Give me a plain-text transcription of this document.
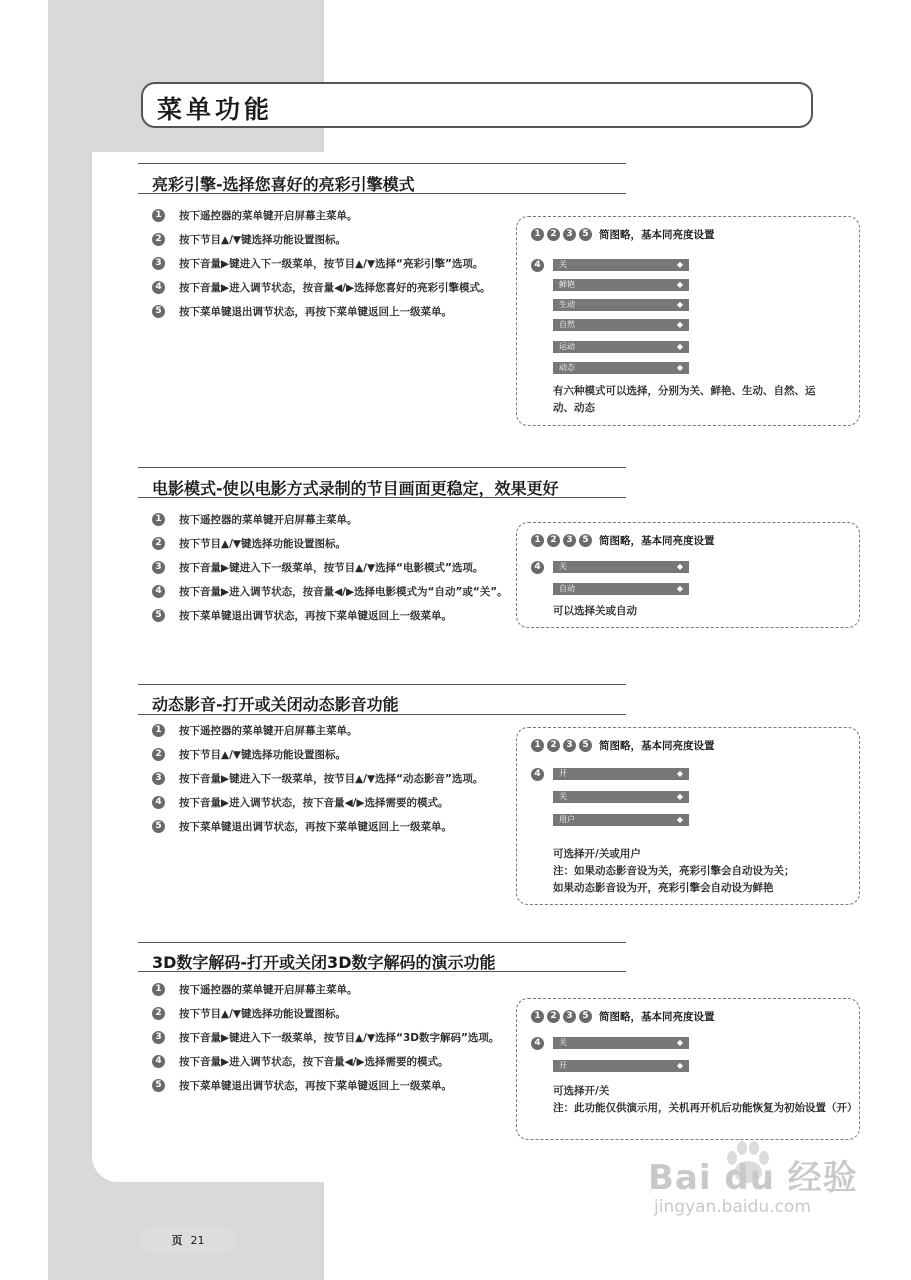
菜单功能
亮彩引擎-选择您喜好的亮彩引擎模式
1	按下遥控器的菜单键开启屏幕主菜单。
2	按下节目▲/▼键选择功能设置图标。
3	按下音量▶键进入下一级菜单，按节目▲/▼选择“亮彩引擎”选项。
4	按下音量▶进入调节状态，按音量◀/▶选择您喜好的亮彩引擎模式。
5	按下菜单键退出调节状态，再按下菜单键返回上一级菜单。
1	2	3	5 简图略，基本同亮度设置
4	关	◆
鲜艳	◆
生动	◆
自然	◆
运动	◆
动态	◆
有六种模式可以选择，分别为关、鲜艳、生动、自然、运动、动态
电影模式-使以电影方式录制的节目画面更稳定，效果更好
1	按下遥控器的菜单键开启屏幕主菜单。
2	按下节目▲/▼键选择功能设置图标。
3	按下音量▶键进入下一级菜单，按节目▲/▼选择“电影模式”选项。
4	按下音量▶进入调节状态，按音量◀/▶选择电影模式为“自动”或“关”。
5	按下菜单键退出调节状态，再按下菜单键返回上一级菜单。
1	2	3	5 简图略，基本同亮度设置
4	关	◆
自动	◆
可以选择关或自动
动态影音-打开或关闭动态影音功能
1	按下遥控器的菜单键开启屏幕主菜单。
2	按下节目▲/▼键选择功能设置图标。
3	按下音量▶键进入下一级菜单，按节目▲/▼选择“动态影音”选项。
4	按下音量▶进入调节状态，按下音量◀/▶选择需要的模式。
5	按下菜单键退出调节状态，再按下菜单键返回上一级菜单。
1	2	3	5 简图略，基本同亮度设置
4	开	◆
关	◆
用户	◆
可选择开/关或用户
注：如果动态影音设为关，亮彩引擎会自动设为关；
如果动态影音设为开，亮彩引擎会自动设为鲜艳
3D数字解码-打开或关闭3D数字解码的演示功能
1	按下遥控器的菜单键开启屏幕主菜单。
2	按下节目▲/▼键选择功能设置图标。
3	按下音量▶键进入下一级菜单，按节目▲/▼选择“3D数字解码”选项。
4	按下音量▶进入调节状态，按下音量◀/▶选择需要的模式。
5	按下菜单键退出调节状态，再按下菜单键返回上一级菜单。
1	2	3	5 简图略，基本同亮度设置
4	关	◆
开	◆
可选择开/关
注：此功能仅供演示用，关机再开机后功能恢复为初始设置（开）
页 21
Bai du 经验
jingyan.baidu.com
